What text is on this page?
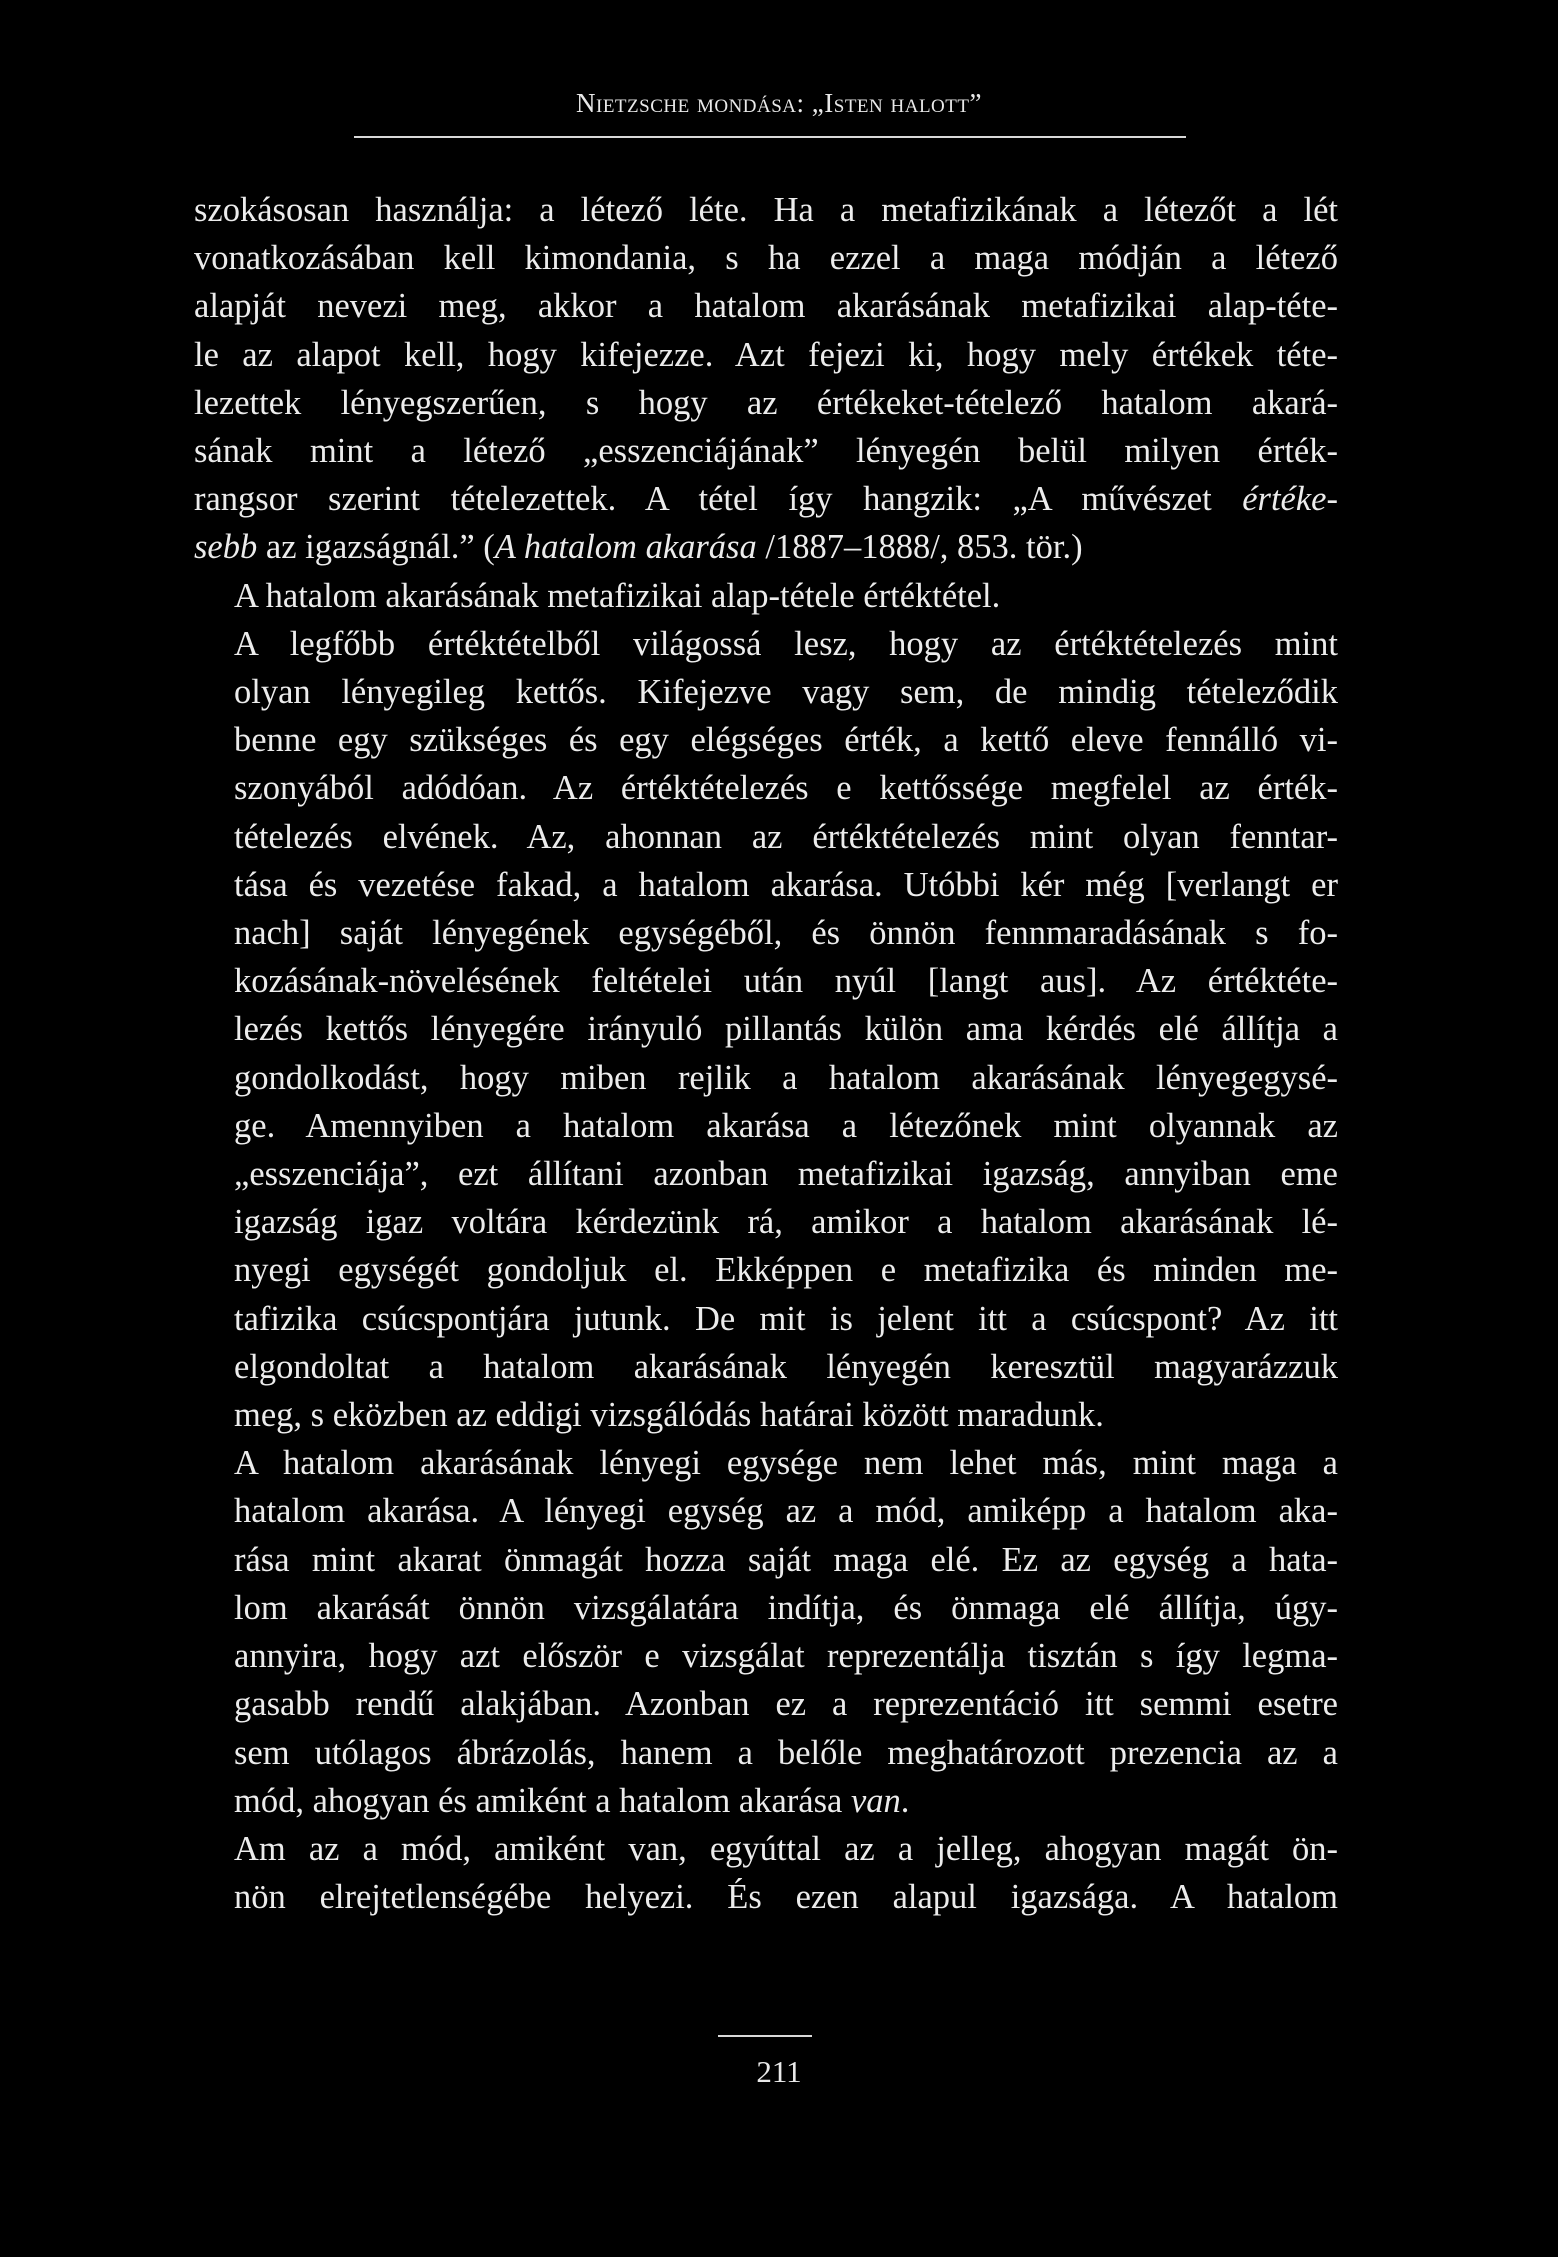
Nietzsche mondása: „Isten halott”

szokásosan használja: a létező léte. Ha a metafizikának a létezőt a lét
vonatkozásában kell kimondania, s ha ezzel a maga módján a létező
alapját nevezi meg, akkor a hatalom akarásának metafizikai alap-téte-
le az alapot kell, hogy kifejezze. Azt fejezi ki, hogy mely értékek téte-
lezettek lényegszerűen, s hogy az értékeket-tételező hatalom akará-
sának mint a létező „esszenciájának” lényegén belül milyen érték-
rangsor szerint tételezettek. A tétel így hangzik: „A művészet értéke-
sebb az igazságnál.” (A hatalom akarása /1887–1888/, 853. tör.)

A hatalom akarásának metafizikai alap-tétele értéktétel.

A legfőbb értéktételből világossá lesz, hogy az értéktételezés mint
olyan lényegileg kettős. Kifejezve vagy sem, de mindig tételeződik
benne egy szükséges és egy elégséges érték, a kettő eleve fennálló vi-
szonyából adódóan. Az értéktételezés e kettőssége megfelel az érték-
tételezés elvének. Az, ahonnan az értéktételezés mint olyan fenntar-
tása és vezetése fakad, a hatalom akarása. Utóbbi kér még [verlangt er
nach] saját lényegének egységéből, és önnön fennmaradásának s fo-
kozásának-növelésének feltételei után nyúl [langt aus]. Az értéktéte-
lezés kettős lényegére irányuló pillantás külön ama kérdés elé állítja a
gondolkodást, hogy miben rejlik a hatalom akarásának lényegegysé-
ge. Amennyiben a hatalom akarása a létezőnek mint olyannak az
„esszenciája”, ezt állítani azonban metafizikai igazság, annyiban eme
igazság igaz voltára kérdezünk rá, amikor a hatalom akarásának lé-
nyegi egységét gondoljuk el. Ekképpen e metafizika és minden me-
tafizika csúcspontjára jutunk. De mit is jelent itt a csúcspont? Az itt
elgondoltat a hatalom akarásának lényegén keresztül magyarázzuk
meg, s eközben az eddigi vizsgálódás határai között maradunk.

A hatalom akarásának lényegi egysége nem lehet más, mint maga a
hatalom akarása. A lényegi egység az a mód, amiképp a hatalom aka-
rása mint akarat önmagát hozza saját maga elé. Ez az egység a hata-
lom akarását önnön vizsgálatára indítja, és önmaga elé állítja, úgy-
annyira, hogy azt először e vizsgálat reprezentálja tisztán s így legma-
gasabb rendű alakjában. Azonban ez a reprezentáció itt semmi esetre
sem utólagos ábrázolás, hanem a belőle meghatározott prezencia az a
mód, ahogyan és amiként a hatalom akarása van.

Am az a mód, amiként van, egyúttal az a jelleg, ahogyan magát ön-
nön elrejtetlenségébe helyezi. És ezen alapul igazsága. A hatalom

211
